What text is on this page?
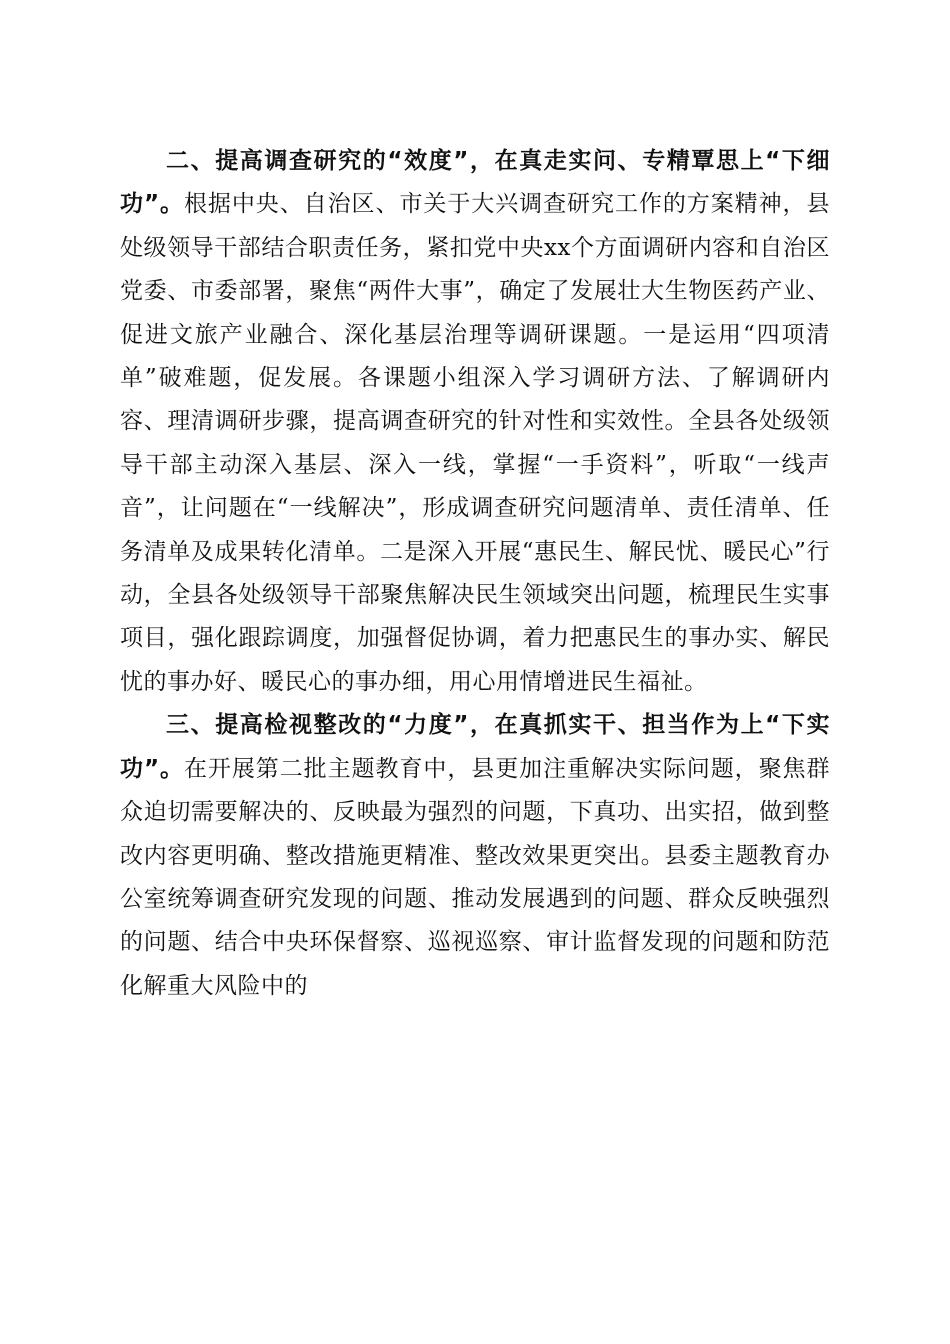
二、提高调查研究的“效度”，在真走实问、专精覃思上“下细功”。根据中央、自治区、市关于大兴调查研究工作的方案精神，县处级领导干部结合职责任务，紧扣党中央xx个方面调研内容和自治区党委、市委部署，聚焦“两件大事”，确定了发展壮大生物医药产业、促进文旅产业融合、深化基层治理等调研课题。一是运用“四项清单”破难题，促发展。各课题小组深入学习调研方法、了解调研内容、理清调研步骤，提高调查研究的针对性和实效性。全县各处级领导干部主动深入基层、深入一线，掌握“一手资料”，听取“一线声音”，让问题在“一线解决”，形成调查研究问题清单、责任清单、任务清单及成果转化清单。二是深入开展“惠民生、解民忧、暖民心”行动，全县各处级领导干部聚焦解决民生领域突出问题，梳理民生实事项目，强化跟踪调度，加强督促协调，着力把惠民生的事办实、解民忧的事办好、暖民心的事办细，用心用情增进民生福祉。

三、提高检视整改的“力度”，在真抓实干、担当作为上“下实功”。在开展第二批主题教育中，县更加注重解决实际问题，聚焦群众迫切需要解决的、反映最为强烈的问题，下真功、出实招，做到整改内容更明确、整改措施更精准、整改效果更突出。县委主题教育办公室统筹调查研究发现的问题、推动发展遇到的问题、群众反映强烈的问题、结合中央环保督察、巡视巡察、审计监督发现的问题和防范化解重大风险中的
